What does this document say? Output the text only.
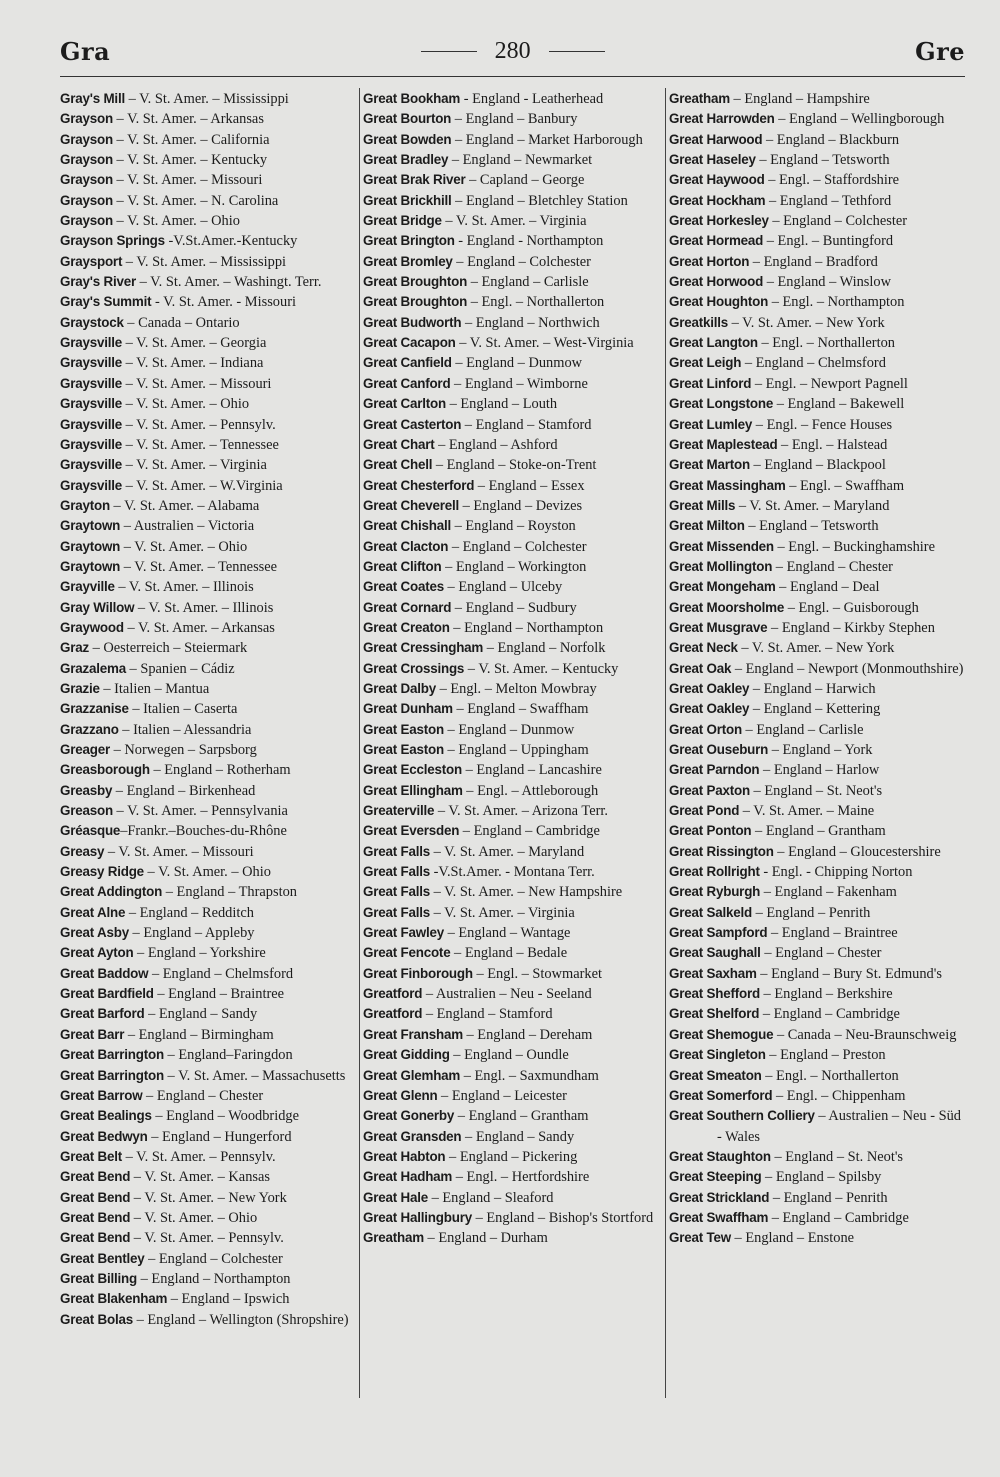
Gra	280	Gre
Gray's Mill – V. St. Amer. – Mississippi
Grayson – V. St. Amer. – Arkansas
Grayson – V. St. Amer. – California
Grayson – V. St. Amer. – Kentucky
Grayson – V. St. Amer. – Missouri
Grayson – V. St. Amer. – N. Carolina
Grayson – V. St. Amer. – Ohio
Grayson Springs -V.St.Amer.-Kentucky
Graysport – V. St. Amer. – Mississippi
Gray's River – V. St. Amer. – Washingt. Terr.
Gray's Summit - V. St. Amer. - Missouri
Graystock – Canada – Ontario
Graysville – V. St. Amer. – Georgia
Graysville – V. St. Amer. – Indiana
Graysville – V. St. Amer. – Missouri
Graysville – V. St. Amer. – Ohio
Graysville – V. St. Amer. – Pennsylv.
Graysville – V. St. Amer. – Tennessee
Graysville – V. St. Amer. – Virginia
Graysville – V. St. Amer. – W.Virginia
Grayton – V. St. Amer. – Alabama
Graytown – Australien – Victoria
Graytown – V. St. Amer. – Ohio
Graytown – V. St. Amer. – Tennessee
Grayville – V. St. Amer. – Illinois
Gray Willow – V. St. Amer. – Illinois
Graywood – V. St. Amer. – Arkansas
Graz – Oesterreich – Steiermark
Grazalema – Spanien – Cádiz
Grazie – Italien – Mantua
Grazzanise – Italien – Caserta
Grazzano – Italien – Alessandria
Greager – Norwegen – Sarpsborg
Greasborough – England – Rotherham
Greasby – England – Birkenhead
Greason – V. St. Amer. – Pennsylvania
Gréasque–Frankr.–Bouches-du-Rhône
Greasy – V. St. Amer. – Missouri
Greasy Ridge – V. St. Amer. – Ohio
Great Addington – England – Thrapston
Great Alne – England – Redditch
Great Asby – England – Appleby
Great Ayton – England – Yorkshire
Great Baddow – England – Chelmsford
Great Bardfield – England – Braintree
Great Barford – England – Sandy
Great Barr – England – Birmingham
Great Barrington – England–Faringdon
Great Barrington – V. St. Amer. – Massachusetts
Great Barrow – England – Chester
Great Bealings – England – Woodbridge
Great Bedwyn – England – Hungerford
Great Belt – V. St. Amer. – Pennsylv.
Great Bend – V. St. Amer. – Kansas
Great Bend – V. St. Amer. – New York
Great Bend – V. St. Amer. – Ohio
Great Bend – V. St. Amer. – Pennsylv.
Great Bentley – England – Colchester
Great Billing – England – Northampton
Great Blakenham – England – Ipswich
Great Bolas – England – Wellington (Shropshire)
Great Bookham - England - Leatherhead
Great Bourton – England – Banbury
Great Bowden – England – Market Harborough
Great Bradley – England – Newmarket
Great Brak River – Capland – George
Great Brickhill – England – Bletchley Station
Great Bridge – V. St. Amer. – Virginia
Great Brington - England - Northampton
Great Bromley – England – Colchester
Great Broughton – England – Carlisle
Great Broughton – Engl. – Northallerton
Great Budworth – England – Northwich
Great Cacapon – V. St. Amer. – West-Virginia
Great Canfield – England – Dunmow
Great Canford – England – Wimborne
Great Carlton – England – Louth
Great Casterton – England – Stamford
Great Chart – England – Ashford
Great Chell – England – Stoke-on-Trent
Great Chesterford – England – Essex
Great Cheverell – England – Devizes
Great Chishall – England – Royston
Great Clacton – England – Colchester
Great Clifton – England – Workington
Great Coates – England – Ulceby
Great Cornard – England – Sudbury
Great Creaton – England – Northampton
Great Cressingham – England – Norfolk
Great Crossings – V. St. Amer. – Kentucky
Great Dalby – Engl. – Melton Mowbray
Great Dunham – England – Swaffham
Great Easton – England – Dunmow
Great Easton – England – Uppingham
Great Eccleston – England – Lancashire
Great Ellingham – Engl. – Attleborough
Greaterville – V. St. Amer. – Arizona Terr.
Great Eversden – England – Cambridge
Great Falls – V. St. Amer. – Maryland
Great Falls -V.St.Amer. - Montana Terr.
Great Falls – V. St. Amer. – New Hampshire
Great Falls – V. St. Amer. – Virginia
Great Fawley – England – Wantage
Great Fencote – England – Bedale
Great Finborough – Engl. – Stowmarket
Greatford – Australien – Neu - Seeland
Greatford – England – Stamford
Great Fransham – England – Dereham
Great Gidding – England – Oundle
Great Glemham – Engl. – Saxmundham
Great Glenn – England – Leicester
Great Gonerby – England – Grantham
Great Gransden – England – Sandy
Great Habton – England – Pickering
Great Hadham – Engl. – Hertfordshire
Great Hale – England – Sleaford
Great Hallingbury – England – Bishop's Stortford
Greatham – England – Durham
Greatham – England – Hampshire
Great Harrowden – England – Wellingborough
Great Harwood – England – Blackburn
Great Haseley – England – Tetsworth
Great Haywood – Engl. – Staffordshire
Great Hockham – England – Tethford
Great Horkesley – England – Colchester
Great Hormead – Engl. – Buntingford
Great Horton – England – Bradford
Great Horwood – England – Winslow
Great Houghton – Engl. – Northampton
Greatkills – V. St. Amer. – New York
Great Langton – Engl. – Northallerton
Great Leigh – England – Chelmsford
Great Linford – Engl. – Newport Pagnell
Great Longstone – England – Bakewell
Great Lumley – Engl. – Fence Houses
Great Maplestead – Engl. – Halstead
Great Marton – England – Blackpool
Great Massingham – Engl. – Swaffham
Great Mills – V. St. Amer. – Maryland
Great Milton – England – Tetsworth
Great Missenden – Engl. – Buckinghamshire
Great Mollington – England – Chester
Great Mongeham – England – Deal
Great Moorsholme – Engl. – Guisborough
Great Musgrave – England – Kirkby Stephen
Great Neck – V. St. Amer. – New York
Great Oak – England – Newport (Monmouthshire)
Great Oakley – England – Harwich
Great Oakley – England – Kettering
Great Orton – England – Carlisle
Great Ouseburn – England – York
Great Parndon – England – Harlow
Great Paxton – England – St. Neot's
Great Pond – V. St. Amer. – Maine
Great Ponton – England – Grantham
Great Rissington – England – Gloucestershire
Great Rollright - Engl. - Chipping Norton
Great Ryburgh – England – Fakenham
Great Salkeld – England – Penrith
Great Sampford – England – Braintree
Great Saughall – England – Chester
Great Saxham – England – Bury St. Edmund's
Great Shefford – England – Berkshire
Great Shelford – England – Cambridge
Great Shemogue – Canada – Neu-Braunschweig
Great Singleton – England – Preston
Great Smeaton – Engl. – Northallerton
Great Somerford – Engl. – Chippenham
Great Southern Colliery – Australien – Neu - Süd - Wales
Great Staughton – England – St. Neot's
Great Steeping – England – Spilsby
Great Strickland – England – Penrith
Great Swaffham – England – Cambridge
Great Tew – England – Enstone
